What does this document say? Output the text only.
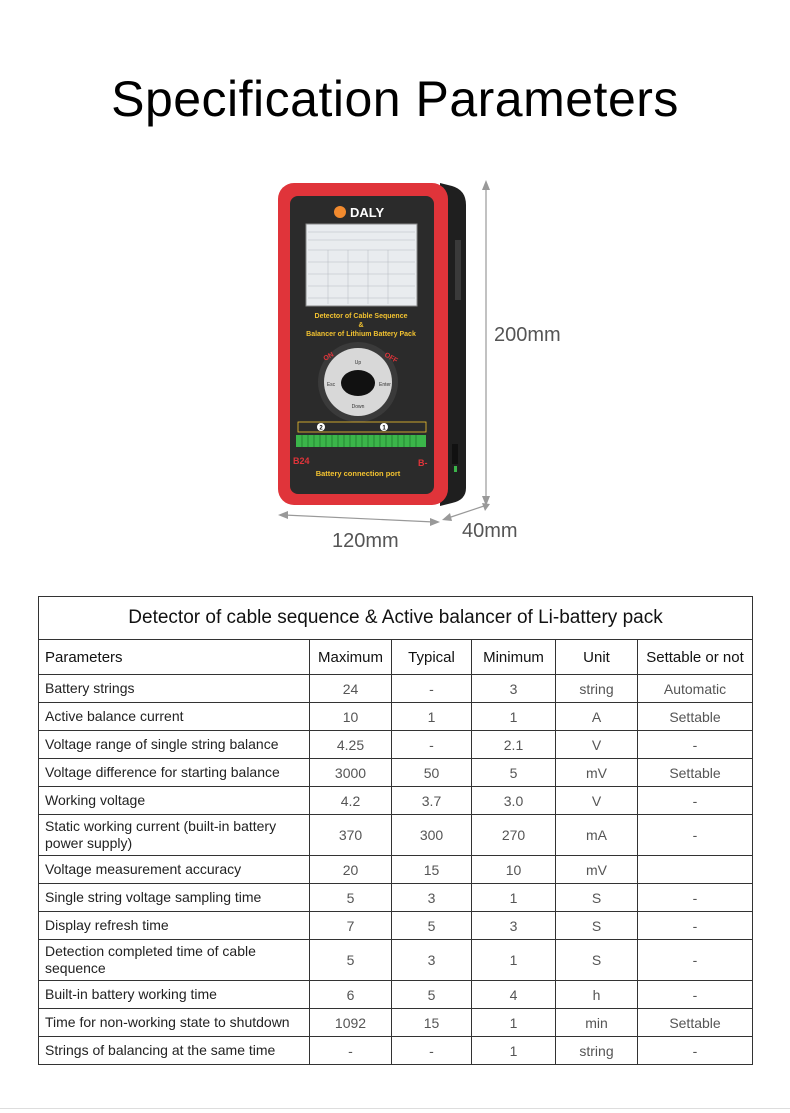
Specification Parameters
DALY
Detector of Cable Sequence
&
Balancer of Lithium Battery Pack
ON	OFF
Up
Down
Esc	Enter
2	1
B24	B-
Battery connection port
200mm
120mm	40mm
Detector of cable sequence & Active balancer of Li-battery pack					
Parameters	Maximum	Typical	Minimum	Unit	Settable or not
Battery strings	24	-	3	string	Automatic
Active balance current	10	1	1	A	Settable
Voltage range of single string balance	4.25	-	2.1	V	-
Voltage difference for starting balance	3000	50	5	mV	Settable
Working voltage	4.2	3.7	3.0	V	-
Static working current (built-in battery power supply)	370	300	270	mA	-
Voltage measurement accuracy	20	15	10	mV	
Single string voltage sampling time	5	3	1	S	-
Display refresh time	7	5	3	S	-
Detection completed time of cable sequence	5	3	1	S	-
Built-in battery working time	6	5	4	h	-
Time for non-working state to shutdown	1092	15	1	min	Settable
Strings of balancing at the same time	-	-	1	string	-
